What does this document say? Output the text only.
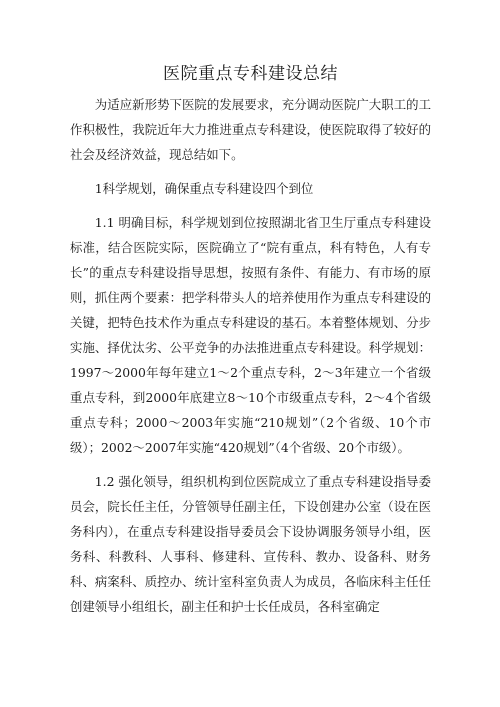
医院重点专科建设总结

为适应新形势下医院的发展要求，充分调动医院广大职工的工作积极性，我院近年大力推进重点专科建设，使医院取得了较好的社会及经济效益，现总结如下。

1科学规划，确保重点专科建设四个到位

1.1 明确目标，科学规划到位按照湖北省卫生厅重点专科建设标准，结合医院实际，医院确立了“院有重点，科有特色，人有专长”的重点专科建设指导思想，按照有条件、有能力、有市场的原则，抓住两个要素：把学科带头人的培养使用作为重点专科建设的关键，把特色技术作为重点专科建设的基石。本着整体规划、分步实施、择优汰劣、公平竞争的办法推进重点专科建设。科学规划：1997～2000年每年建立1～2个重点专科，2～3年建立一个省级重点专科，到2000年底建立8～10个市级重点专科，2～4个省级重点专科；2000～2003年实施“210规划”（2个省级、10个市级）；2002～2007年实施“420规划”（4个省级、20个市级）。

1.2 强化领导，组织机构到位医院成立了重点专科建设指导委员会，院长任主任，分管领导任副主任，下设创建办公室（设在医务科内），在重点专科建设指导委员会下设协调服务领导小组，医务科、科教科、人事科、修建科、宣传科、教办、设备科、财务科、病案科、质控办、统计室科室负责人为成员，各临床科主任任创建领导小组组长，副主任和护士长任成员，各科室确定
